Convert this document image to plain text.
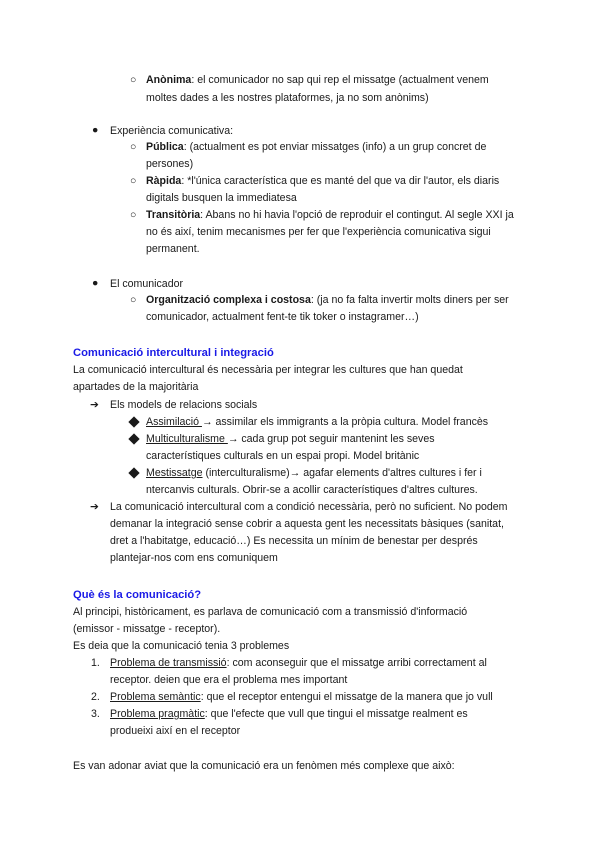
○ Anònima: el comunicador no sap qui rep el missatge (actualment venem
moltes dades a les nostres plataformes, ja no som anònims)
● Experiència comunicativa:
○ Pública: (actualment es pot enviar missatges (info) a un grup concret de
persones)
○ Ràpida: *l'única característica que es manté del que va dir l'autor, els diaris
digitals busquen la immediatesa
○ Transitòria: Abans no hi havia l'opció de reproduir el contingut. Al segle XXI ja
no és així, tenim mecanismes per fer que l'experiència comunicativa sigui
permanent.
● El comunicador
○ Organització complexa i costosa: (ja no fa falta invertir molts diners per ser
comunicador, actualment fent-te tik toker o instagramer…)
Comunicació intercultural i integració
La comunicació intercultural és necessària per integrar les cultures que han quedat
apartades de la majoritària
➔ Els models de relacions socials
Assimilació → assimilar els immigrants a la pròpia cultura. Model francès
Multiculturalisme → cada grup pot seguir mantenint les seves
característiques culturals en un espai propi. Model britànic
Mestissatge (interculturalisme)→ agafar elements d'altres cultures i fer i
ntercanvis culturals. Obrir-se a acollir característiques d'altres cultures.
➔ La comunicació intercultural com a condició necessària, però no suficient. No podem
demanar la integració sense cobrir a aquesta gent les necessitats bàsiques (sanitat,
dret a l'habitatge, educació…) Es necessita un mínim de benestar per després
plantejar-nos com ens comuniquem
Què és la comunicació?
Al principi, històricament, es parlava de comunicació com a transmissió d'informació
(emissor - missatge - receptor).
Es deia que la comunicació tenia 3 problemes
1. Problema de transmissió: com aconseguir que el missatge arribi correctament al
receptor. deien que era el problema mes important
2. Problema semàntic: que el receptor entengui el missatge de la manera que jo vull
3. Problema pragmàtic: que l'efecte que vull que tingui el missatge realment es
produeixi així en el receptor
Es van adonar aviat que la comunicació era un fenòmen més complexe que això:
